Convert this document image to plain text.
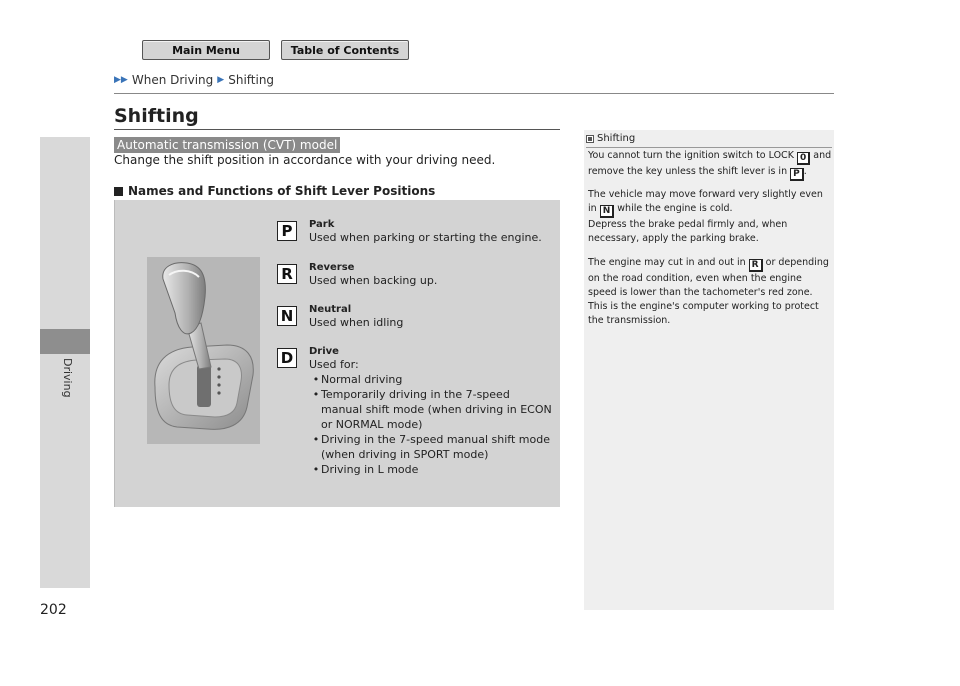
Main Menu	Table of Contents
▶▶ When Driving ▶ Shifting
Driving
202
Shifting
Automatic transmission (CVT) model
Change the shift position in accordance with your driving need.
Names and Functions of Shift Lever Positions
P	Park
Used when parking or starting the engine.
R	Reverse
Used when backing up.
N	Neutral
Used when idling
D	Drive
Used for:
• Normal driving
• Temporarily driving in the 7-speed manual shift mode (when driving in ECON or NORMAL mode)
• Driving in the 7-speed manual shift mode (when driving in SPORT mode)
• Driving in L mode
Shifting
You cannot turn the ignition switch to LOCK 0 and remove the key unless the shift lever is in P .
The vehicle may move forward very slightly even in N while the engine is cold.
Depress the brake pedal firmly and, when necessary, apply the parking brake.
The engine may cut in and out in R or depending on the road condition, even when the engine speed is lower than the tachometer's red zone. This is the engine's computer working to protect the transmission.
